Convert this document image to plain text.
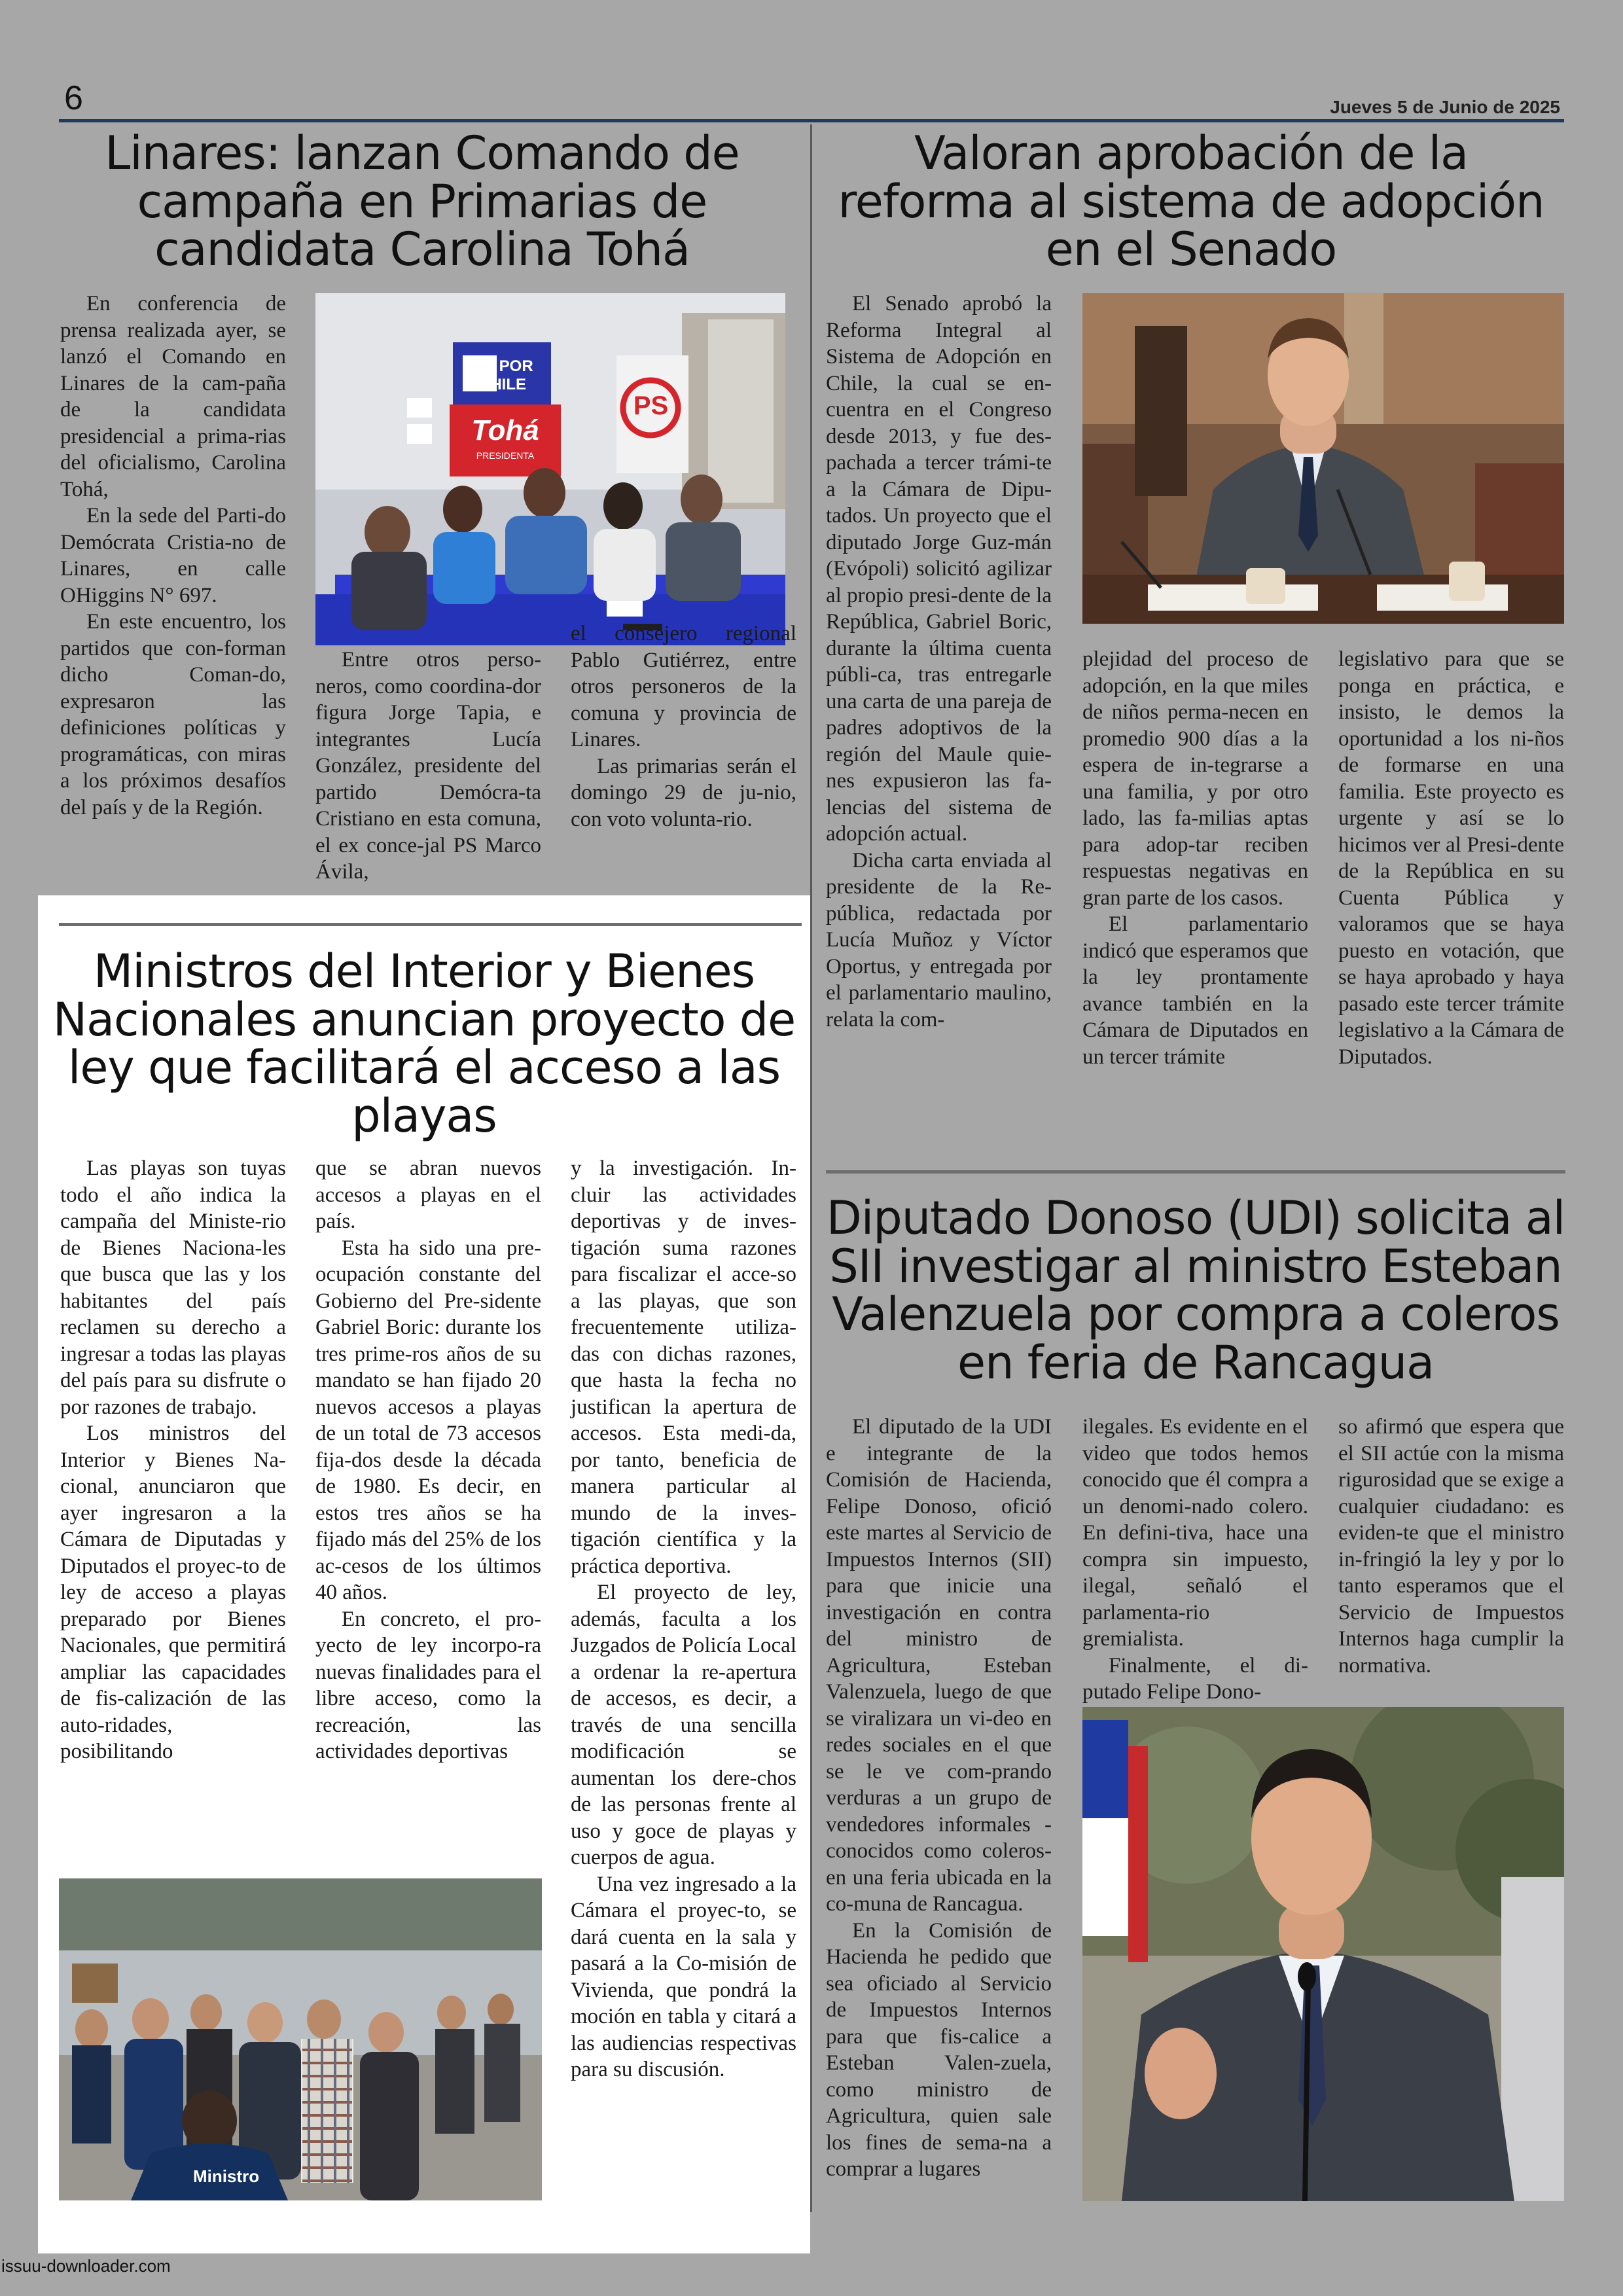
6	Jueves 5 de Junio de 2025
Linares: lanzan Comando de campaña en Primarias de candidata Carolina Tohá

En conferencia de prensa realizada ayer, se lanzó el Comando en Linares de la cam-paña de la candidata presidencial a prima-rias del oficialismo, Carolina Tohá,

En la sede del Parti-do Demócrata Cristia-no de Linares, en calle OHiggins N° 697.

En este encuentro, los partidos que con-forman dicho Coman-do, expresaron las definiciones políticas y programáticas, con miras a los próximos desafíos del país y de la Región.

DC POR CHILE
Tohá
PRESIDENTA
PS

Entre otros perso-neros, como coordina-dor figura Jorge Tapia, e integrantes Lucía González, presidente del partido Demócra-ta Cristiano en esta comuna, el ex conce-jal PS Marco Ávila,

el consejero regional Pablo Gutiérrez, entre otros personeros de la comuna y provincia de Linares.

Las primarias serán el domingo 29 de ju-nio, con voto volunta-rio.

Valoran aprobación de la reforma al sistema de adopción en el Senado

El Senado aprobó la Reforma Integral al Sistema de Adopción en Chile, la cual se en-cuentra en el Congreso desde 2013, y fue des-pachada a tercer trámi-te a la Cámara de Dipu-tados. Un proyecto que el diputado Jorge Guz-mán (Evópoli) solicitó agilizar al propio presi-dente de la República, Gabriel Boric, durante la última cuenta públi-ca, tras entregarle una carta de una pareja de padres adoptivos de la región del Maule quie-nes expusieron las fa-lencias del sistema de adopción actual.

Dicha carta enviada al presidente de la Re-pública, redactada por Lucía Muñoz y Víctor Oportus, y entregada por el parlamentario maulino, relata la com-

plejidad del proceso de adopción, en la que miles de niños perma-necen en promedio 900 días a la espera de in-tegrarse a una familia, y por otro lado, las fa-milias aptas para adop-tar reciben respuestas negativas en gran parte de los casos.

El parlamentario indicó que esperamos que la ley prontamente avance también en la Cámara de Diputados en un tercer trámite

legislativo para que se ponga en práctica, e insisto, le demos la oportunidad a los ni-ños de formarse en una familia. Este proyecto es urgente y así se lo hicimos ver al Presi-dente de la República en su Cuenta Pública y valoramos que se haya puesto en votación, que se haya aprobado y haya pasado este tercer trámite legislativo a la Cámara de Diputados.

Ministros del Interior y Bienes Nacionales anuncian proyecto de ley que facilitará el acceso a las playas

Las playas son tuyas todo el año indica la campaña del Ministe-rio de Bienes Naciona-les que busca que las y los habitantes del país reclamen su derecho a ingresar a todas las playas del país para su disfrute o por razones de trabajo.

Los ministros del Interior y Bienes Na-cional, anunciaron que ayer ingresaron a la Cámara de Diputadas y Diputados el proyec-to de ley de acceso a playas preparado por Bienes Nacionales, que permitirá ampliar las capacidades de fis-calización de las auto-ridades, posibilitando

que se abran nuevos accesos a playas en el país.

Esta ha sido una pre-ocupación constante del Gobierno del Pre-sidente Gabriel Boric: durante los tres prime-ros años de su mandato se han fijado 20 nuevos accesos a playas de un total de 73 accesos fija-dos desde la década de 1980. Es decir, en estos tres años se ha fijado más del 25% de los ac-cesos de los últimos 40 años.

En concreto, el pro-yecto de ley incorpo-ra nuevas finalidades para el libre acceso, como la recreación, las actividades deportivas

y la investigación. In-cluir las actividades deportivas y de inves-tigación suma razones para fiscalizar el acce-so a las playas, que son frecuentemente utiliza-das con dichas razones, que hasta la fecha no justifican la apertura de accesos. Esta medi-da, por tanto, beneficia de manera particular al mundo de la inves-tigación científica y la práctica deportiva.

El proyecto de ley, además, faculta a los Juzgados de Policía Local a ordenar la re-apertura de accesos, es decir, a través de una sencilla modificación se aumentan los dere-chos de las personas frente al uso y goce de playas y cuerpos de agua.

Una vez ingresado a la Cámara el proyec-to, se dará cuenta en la sala y pasará a la Co-misión de Vivienda, que pondrá la moción en tabla y citará a las audiencias respectivas para su discusión.

Ministro
Diputado Donoso (UDI) solicita al SII investigar al ministro Esteban Valenzuela por compra a coleros en feria de Rancagua

El diputado de la UDI e integrante de la Comisión de Hacienda, Felipe Donoso, ofició este martes al Servicio de Impuestos Internos (SII) para que inicie una investigación en contra del ministro de Agricultura, Esteban Valenzuela, luego de que se viralizara un vi-deo en redes sociales en el que se le ve com-prando verduras a un grupo de vendedores informales -conocidos como coleros- en una feria ubicada en la co-muna de Rancagua.

En la Comisión de Hacienda he pedido que sea oficiado al Servicio de Impuestos Internos para que fis-calice a Esteban Valen-zuela, como ministro de Agricultura, quien sale los fines de sema-na a comprar a lugares

ilegales. Es evidente en el video que todos hemos conocido que él compra a un denomi-nado colero. En defini-tiva, hace una compra sin impuesto, ilegal, señaló el parlamenta-rio gremialista.

Finalmente, el di-putado Felipe Dono-

so afirmó que espera que el SII actúe con la misma rigurosidad que se exige a cualquier ciudadano: es eviden-te que el ministro in-fringió la ley y por lo tanto esperamos que el Servicio de Impuestos Internos haga cumplir la normativa.

issuu-downloader.com
